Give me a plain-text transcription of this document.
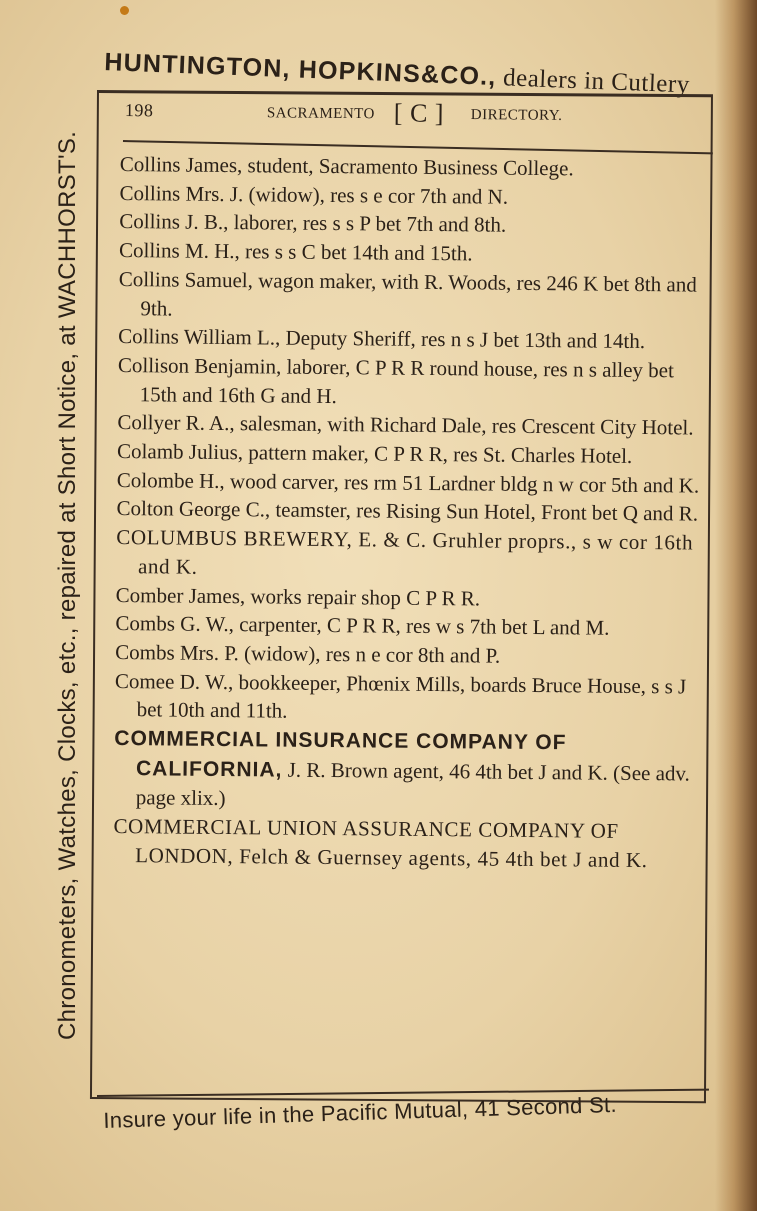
HUNTINGTON, HOPKINS&CO., dealers in Cutlery
Chronometers, Watches, Clocks, etc., repaired at Short Notice, at WACHHORST'S.
198	SACRAMENTO [ C ] DIRECTORY.
Collins James, student, Sacramento Business College.
Collins Mrs. J. (widow), res s e cor 7th and N.
Collins J. B., laborer, res s s P bet 7th and 8th.
Collins M. H., res s s C bet 14th and 15th.
Collins Samuel, wagon maker, with R. Woods, res 246 K bet 8th and 9th.
Collins William L., Deputy Sheriff, res n s J bet 13th and 14th.
Collison Benjamin, laborer, C P R R round house, res n s alley bet 15th and 16th G and H.
Collyer R. A., salesman, with Richard Dale, res Crescent City Hotel.
Colamb Julius, pattern maker, C P R R, res St. Charles Hotel.
Colombe H., wood carver, res rm 51 Lardner bldg n w cor 5th and K.
Colton George C., teamster, res Rising Sun Hotel, Front bet Q and R.
COLUMBUS BREWERY, E. & C. Gruhler proprs., s w cor 16th and K.
Comber James, works repair shop C P R R.
Combs G. W., carpenter, C P R R, res w s 7th bet L and M.
Combs Mrs. P. (widow), res n e cor 8th and P.
Comee D. W., bookkeeper, Phœnix Mills, boards Bruce House, s s J bet 10th and 11th.
COMMERCIAL INSURANCE COMPANY OF CALIFORNIA, J. R. Brown agent, 46 4th bet J and K. (See adv. page xlix.)
COMMERCIAL UNION ASSURANCE COMPANY OF LONDON, Felch & Guernsey agents, 45 4th bet J and K.
Insure your life in the Pacific Mutual, 41 Second St.
